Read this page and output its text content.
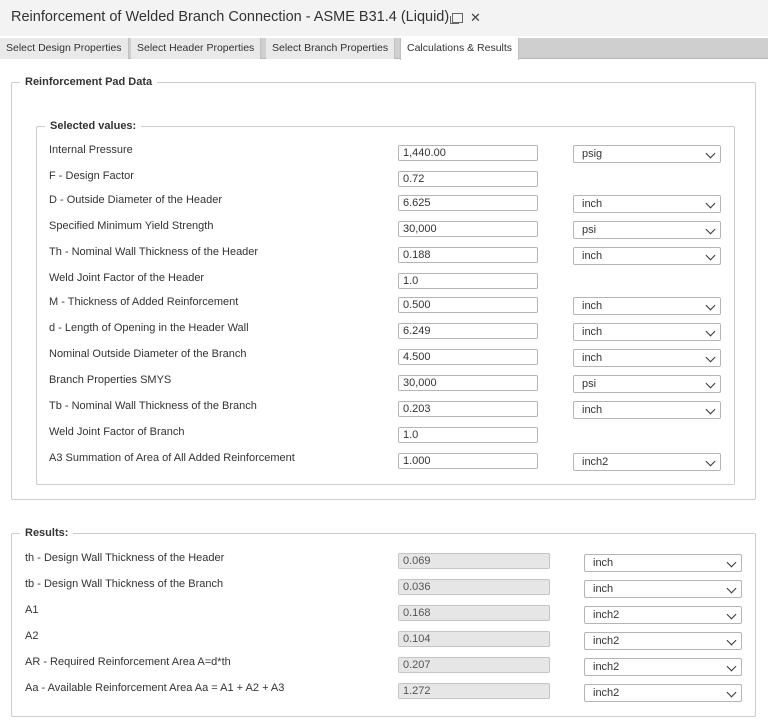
Reinforcement of Welded Branch Connection - ASME B31.4 (Liquid) ✕
Select Design Properties	Select Header Properties	Select Branch Properties	Calculations & Results
Reinforcement Pad Data
Selected values:
Internal Pressure	1,440.00	psig
F - Design Factor	0.72
D - Outside Diameter of the Header	6.625	inch
Specified Minimum Yield Strength	30,000	psi
Th - Nominal Wall Thickness of the Header	0.188	inch
Weld Joint Factor of the Header	1.0
M - Thickness of Added Reinforcement	0.500	inch
d - Length of Opening in the Header Wall	6.249	inch
Nominal Outside Diameter of the Branch	4.500	inch
Branch Properties SMYS	30,000	psi
Tb - Nominal Wall Thickness of the Branch	0.203	inch
Weld Joint Factor of Branch	1.0
A3 Summation of Area of All Added Reinforcement	1.000	inch2
Results:
th - Design Wall Thickness of the Header	0.069	inch
tb - Design Wall Thickness of the Branch	0.036	inch
A1	0.168	inch2
A2	0.104	inch2
AR - Required Reinforcement Area A=d*th	0.207	inch2
Aa - Available Reinforcement Area Aa = A1 + A2 + A3	1.272	inch2
